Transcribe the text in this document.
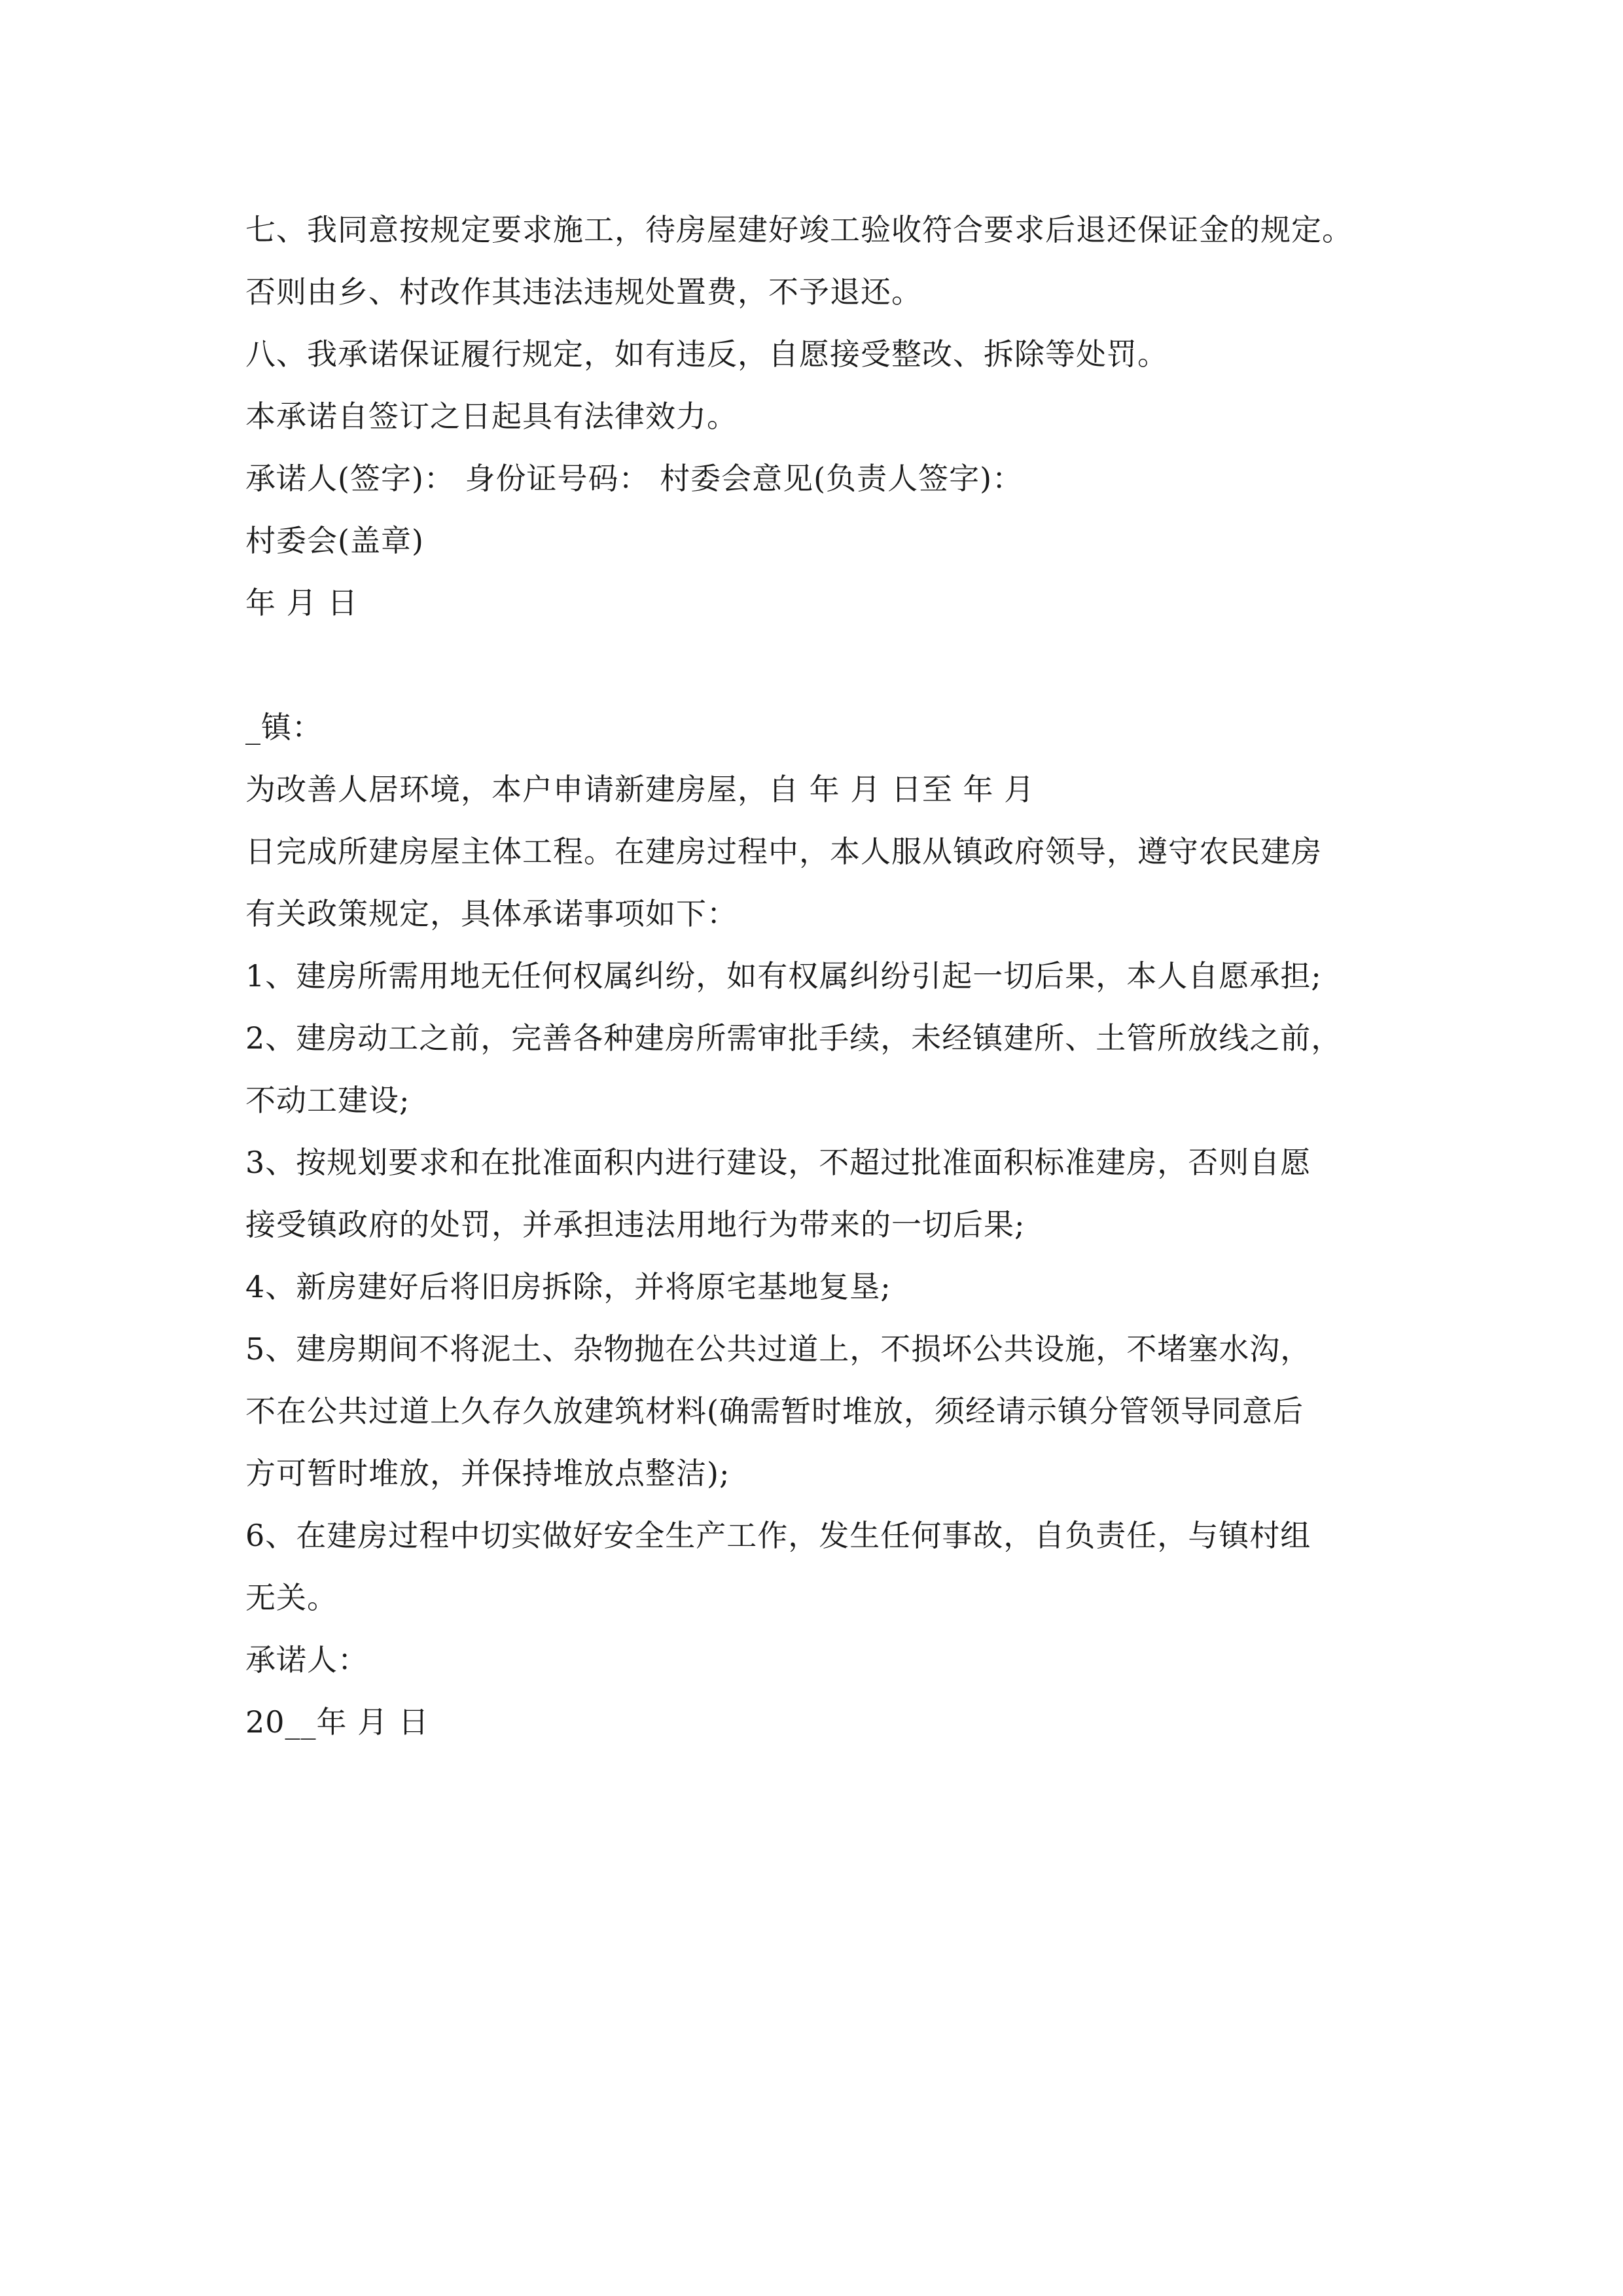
七、我同意按规定要求施工，待房屋建好竣工验收符合要求后退还保证金的规定。
否则由乡、村改作其违法违规处置费，不予退还。
八、我承诺保证履行规定，如有违反，自愿接受整改、拆除等处罚。
本承诺自签订之日起具有法律效力。
承诺人(签字)： 身份证号码： 村委会意见(负责人签字)：
村委会(盖章)
年 月 日
_镇：
为改善人居环境，本户申请新建房屋，自 年 月 日至 年 月
日完成所建房屋主体工程。在建房过程中，本人服从镇政府领导，遵守农民建房
有关政策规定，具体承诺事项如下：
1、建房所需用地无任何权属纠纷，如有权属纠纷引起一切后果，本人自愿承担;
2、建房动工之前，完善各种建房所需审批手续，未经镇建所、土管所放线之前，
不动工建设;
3、按规划要求和在批准面积内进行建设，不超过批准面积标准建房，否则自愿
接受镇政府的处罚，并承担违法用地行为带来的一切后果;
4、新房建好后将旧房拆除，并将原宅基地复垦;
5、建房期间不将泥土、杂物抛在公共过道上，不损坏公共设施，不堵塞水沟，
不在公共过道上久存久放建筑材料(确需暂时堆放，须经请示镇分管领导同意后
方可暂时堆放，并保持堆放点整洁);
6、在建房过程中切实做好安全生产工作，发生任何事故，自负责任，与镇村组
无关。
承诺人：
20__年 月 日
